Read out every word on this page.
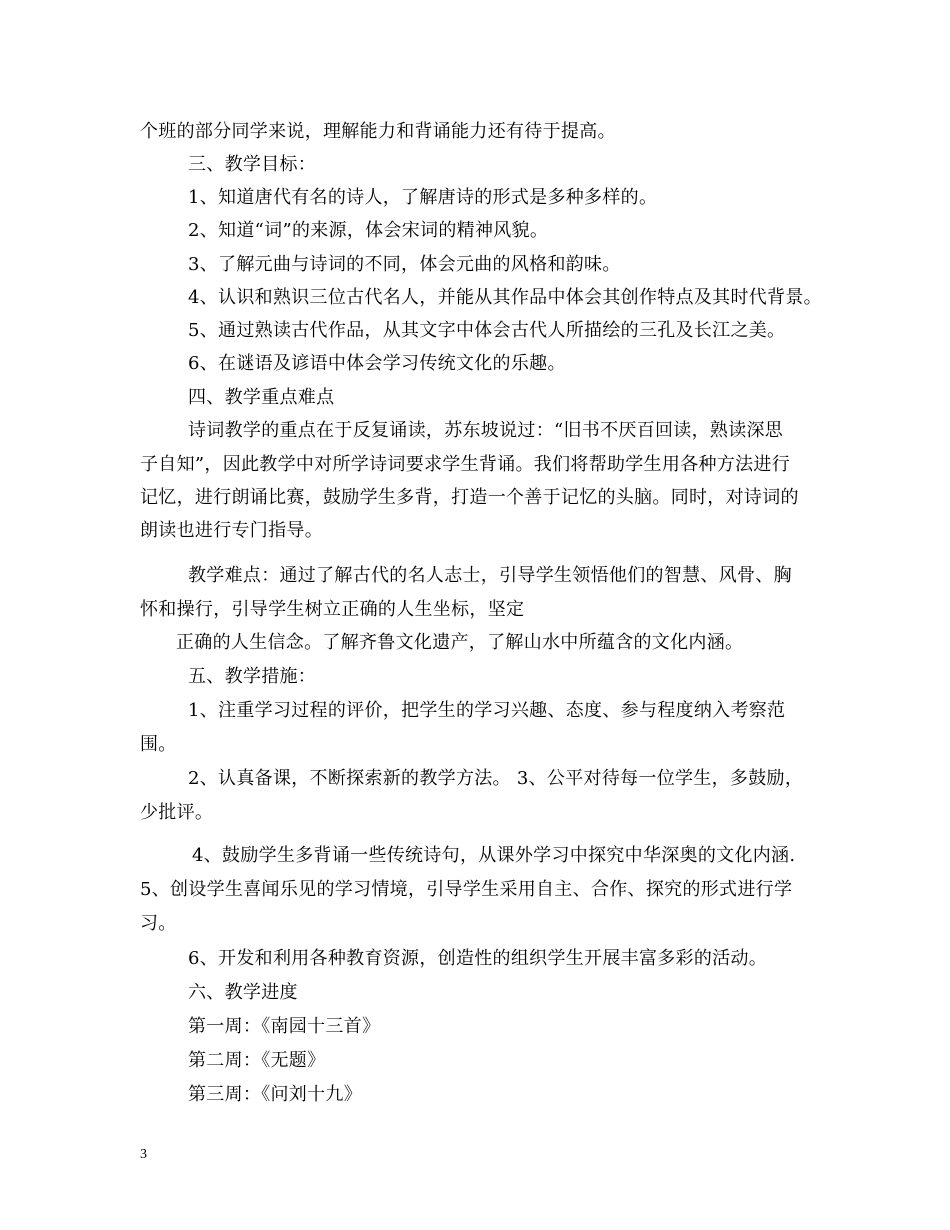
个班的部分同学来说，理解能力和背诵能力还有待于提高。
三、教学目标：
1、知道唐代有名的诗人，了解唐诗的形式是多种多样的。
2、知道“词”的来源，体会宋词的精神风貌。
3、了解元曲与诗词的不同，体会元曲的风格和韵味。
4、认识和熟识三位古代名人，并能从其作品中体会其创作特点及其时代背景。
5、通过熟读古代作品，从其文字中体会古代人所描绘的三孔及长江之美。
6、在谜语及谚语中体会学习传统文化的乐趣。
四、教学重点难点
诗词教学的重点在于反复诵读，苏东坡说过：“旧书不厌百回读，熟读深思
子自知”，因此教学中对所学诗词要求学生背诵。我们将帮助学生用各种方法进行
记忆，进行朗诵比赛，鼓励学生多背，打造一个善于记忆的头脑。同时，对诗词的
朗读也进行专门指导。
教学难点：通过了解古代的名人志士，引导学生领悟他们的智慧、风骨、胸
怀和操行，引导学生树立正确的人生坐标，坚定
正确的人生信念。了解齐鲁文化遗产，了解山水中所蕴含的文化内涵。
五、教学措施：
1、注重学习过程的评价，把学生的学习兴趣、态度、参与程度纳入考察范
围。
2、认真备课，不断探索新的教学方法。 3、公平对待每一位学生，多鼓励，
少批评。
4、鼓励学生多背诵一些传统诗句，从课外学习中探究中华深奥的文化内涵.
5、创设学生喜闻乐见的学习情境，引导学生采用自主、合作、探究的形式进行学
习。
6、开发和利用各种教育资源，创造性的组织学生开展丰富多彩的活动。
六、教学进度
第一周：《南园十三首》
第二周：《无题》
第三周：《问刘十九》
3
